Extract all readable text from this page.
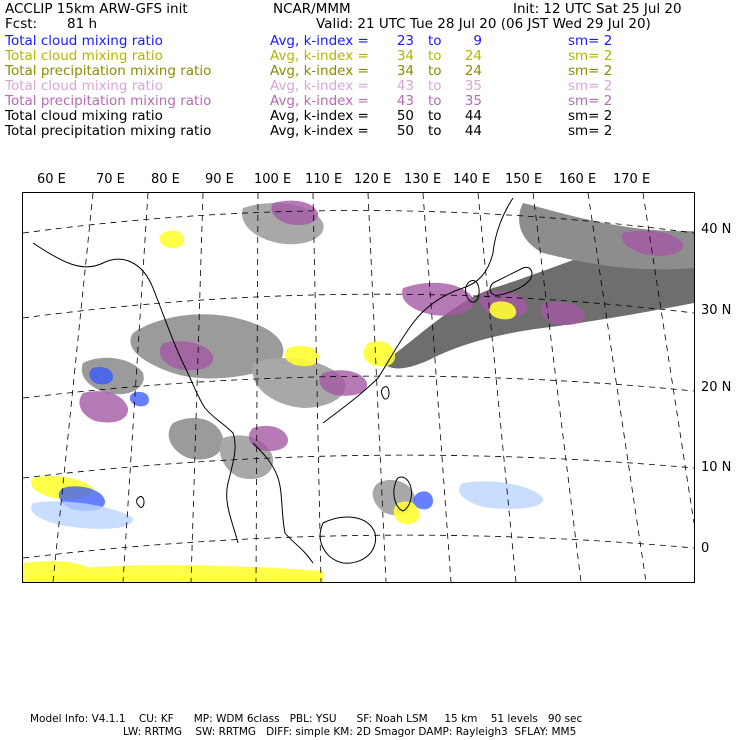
ACCLIP 15km ARW-GFS init	NCAR/MMM	Init: 12 UTC Sat 25 Jul 20
Fcst: 81 h	Valid: 21 UTC Tue 28 Jul 20 (06 JST Wed 29 Jul 20)
Total cloud mixing ratio	Avg, k-index =	23 to	9	sm= 2
Total cloud mixing ratio	Avg, k-index =	34 to	24	sm= 2
Total precipitation mixing ratio	Avg, k-index =	34 to	24	sm= 2
Total cloud mixing ratio	Avg, k-index =	43 to	35	sm= 2
Total precipitation mixing ratio	Avg, k-index =	43 to	35	sm= 2
Total cloud mixing ratio	Avg, k-index =	50 to	44	sm= 2
Total precipitation mixing ratio	Avg, k-index =	50 to	44	sm= 2
60 E 70 E 80 E 90 E 100 E 110 E 120 E 130 E 140 E 150 E 160 E 170 E
40 N
30 N
20 N
10 N
0
Model Info: V4.1.1    CU: KF      MP: WDM 6class   PBL: YSU      SF: Noah LSM     15 km    51 levels   90 sec
LW: RRTMG    SW: RRTMG   DIFF: simple KM: 2D Smagor DAMP: Rayleigh3  SFLAY: MM5
